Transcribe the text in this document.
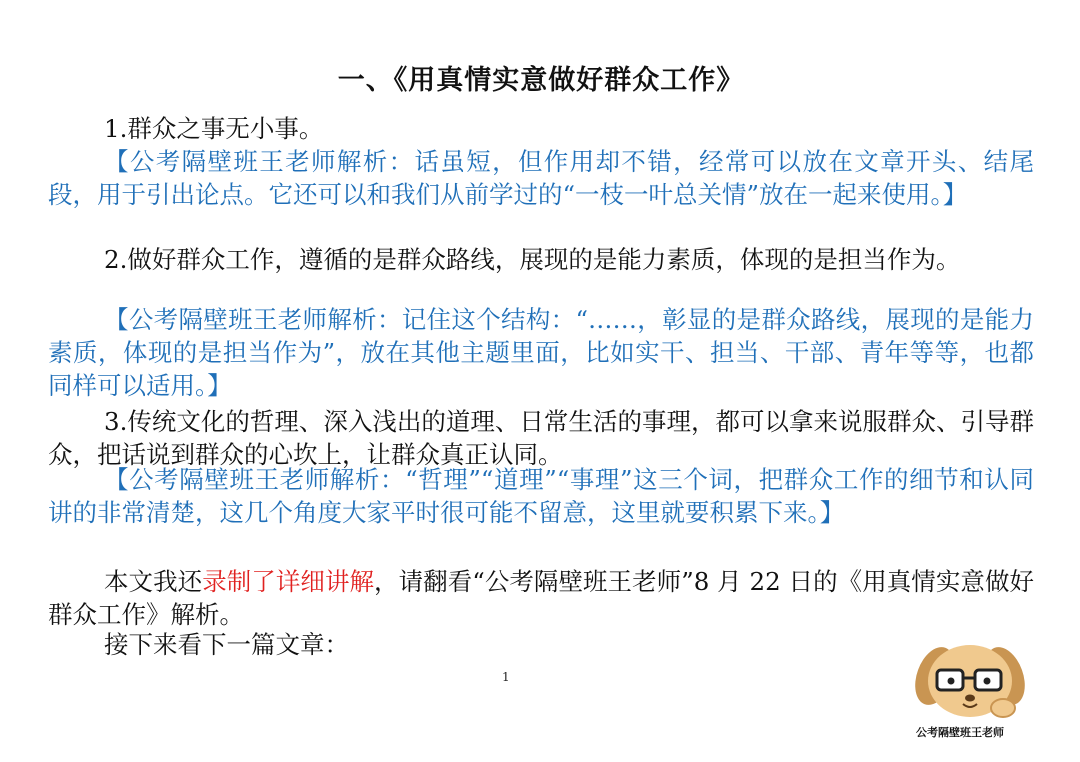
一、《用真情实意做好群众工作》
1.群众之事无小事。
【公考隔壁班王老师解析：话虽短，但作用却不错，经常可以放在文章开头、结尾段，用于引出论点。它还可以和我们从前学过的“一枝一叶总关情”放在一起来使用。】
2.做好群众工作，遵循的是群众路线，展现的是能力素质，体现的是担当作为。
【公考隔壁班王老师解析：记住这个结构：“……，彰显的是群众路线，展现的是能力素质，体现的是担当作为”，放在其他主题里面，比如实干、担当、干部、青年等等，也都同样可以适用。】
3.传统文化的哲理、深入浅出的道理、日常生活的事理，都可以拿来说服群众、引导群众，把话说到群众的心坎上，让群众真正认同。
【公考隔壁班王老师解析：“哲理”“道理”“事理”这三个词，把群众工作的细节和认同讲的非常清楚，这几个角度大家平时很可能不留意，这里就要积累下来。】
本文我还录制了详细讲解，请翻看“公考隔壁班王老师”8 月 22 日的《用真情实意做好群众工作》解析。
接下来看下一篇文章：
1
公考隔壁班王老师
